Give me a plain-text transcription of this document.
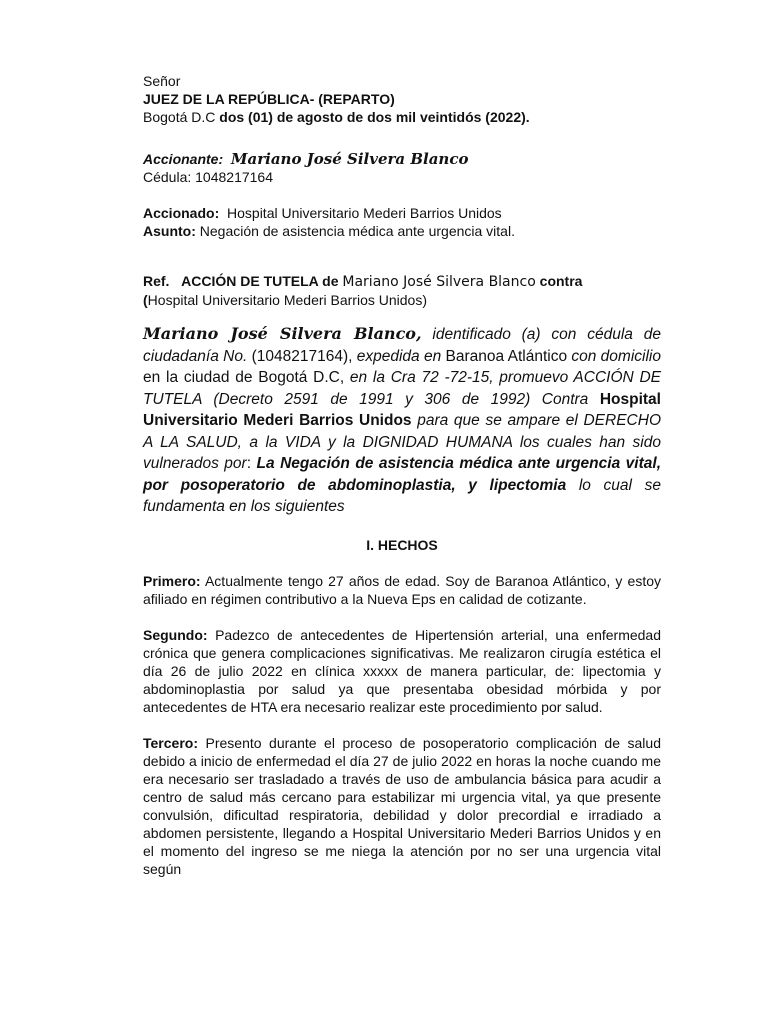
Señor
JUEZ DE LA REPÚBLICA- (REPARTO)
Bogotá D.C dos (01) de agosto de dos mil veintidós (2022).
Accionante: Mariano José Silvera Blanco
Cédula: 1048217164
Accionado: Hospital Universitario Mederi Barrios Unidos
Asunto: Negación de asistencia médica ante urgencia vital.
Ref. ACCIÓN DE TUTELA de Mariano José Silvera Blanco contra
(Hospital Universitario Mederi Barrios Unidos)

Mariano José Silvera Blanco, identificado (a) con cédula de ciudadanía No. (1048217164), expedida en Baranoa Atlántico con domicilio en la ciudad de Bogotá D.C, en la Cra 72 -72-15, promuevo ACCIÓN DE TUTELA (Decreto 2591 de 1991 y 306 de 1992) Contra Hospital Universitario Mederi Barrios Unidos para que se ampare el DERECHO A LA SALUD, a la VIDA y la DIGNIDAD HUMANA los cuales han sido vulnerados por: La Negación de asistencia médica ante urgencia vital, por posoperatorio de abdominoplastia, y lipectomia lo cual se fundamenta en los siguientes

I. HECHOS

Primero: Actualmente tengo 27 años de edad. Soy de Baranoa Atlántico, y estoy afiliado en régimen contributivo a la Nueva Eps en calidad de cotizante.

Segundo: Padezco de antecedentes de Hipertensión arterial, una enfermedad crónica que genera complicaciones significativas. Me realizaron cirugía estética el día 26 de julio 2022 en clínica xxxxx de manera particular, de: lipectomia y abdominoplastia por salud ya que presentaba obesidad mórbida y por antecedentes de HTA era necesario realizar este procedimiento por salud.

Tercero: Presento durante el proceso de posoperatorio complicación de salud debido a inicio de enfermedad el día 27 de julio 2022 en horas la noche cuando me era necesario ser trasladado a través de uso de ambulancia básica para acudir a centro de salud más cercano para estabilizar mi urgencia vital, ya que presente convulsión, dificultad respiratoria, debilidad y dolor precordial e irradiado a abdomen persistente, llegando a Hospital Universitario Mederi Barrios Unidos y en el momento del ingreso se me niega la atención por no ser una urgencia vital según
